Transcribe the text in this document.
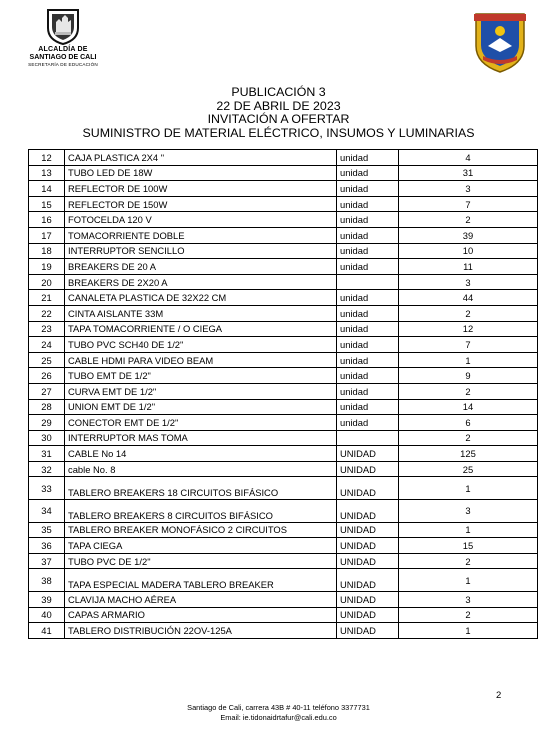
ALCALDÍA DE
SANTIAGO DE CALI
SECRETARÍA DE EDUCACIÓN
PUBLICACIÓN 3
22 DE ABRIL DE 2023
INVITACIÓN A OFERTAR
SUMINISTRO DE MATERIAL ELÉCTRICO, INSUMOS Y LUMINARIAS
12	CAJA PLASTICA 2X4 "	unidad	4
13	TUBO LED DE 18W	unidad	31
14	REFLECTOR DE 100W	unidad	3
15	REFLECTOR DE 150W	unidad	7
16	FOTOCELDA 120 V	unidad	2
17	TOMACORRIENTE DOBLE	unidad	39
18	INTERRUPTOR SENCILLO	unidad	10
19	BREAKERS DE 20 A	unidad	11
20	BREAKERS DE 2X20 A		3
21	CANALETA PLASTICA DE 32X22 CM	unidad	44
22	CINTA AISLANTE 33M	unidad	2
23	TAPA TOMACORRIENTE / O CIEGA	unidad	12
24	TUBO PVC SCH40 DE 1/2"	unidad	7
25	CABLE HDMI PARA VIDEO BEAM	unidad	1
26	TUBO EMT DE 1/2"	unidad	9
27	CURVA EMT DE 1/2"	unidad	2
28	UNION EMT DE 1/2"	unidad	14
29	CONECTOR EMT DE 1/2"	unidad	6
30	INTERRUPTOR MAS TOMA		2
31	CABLE No 14	UNIDAD	125
32	cable No. 8	UNIDAD	25
33	TABLERO BREAKERS 18 CIRCUITOS BIFÁSICO	UNIDAD	1
34	TABLERO BREAKERS 8 CIRCUITOS BIFÁSICO	UNIDAD	3
35	TABLERO BREAKER MONOFÁSICO 2 CIRCUITOS	UNIDAD	1
36	TAPA CIEGA	UNIDAD	15
37	TUBO PVC DE 1/2"	UNIDAD	2
38	TAPA ESPECIAL MADERA TABLERO BREAKER	UNIDAD	1
39	CLAVIJA MACHO AÉREA	UNIDAD	3
40	CAPAS ARMARIO	UNIDAD	2
41	TABLERO DISTRIBUCIÓN 22OV-125A	UNIDAD	1
2
Santiago de Cali, carrera 43B # 40-11 teléfono 3377731
Email: ie.tidonaidrtafur@cali.edu.co
